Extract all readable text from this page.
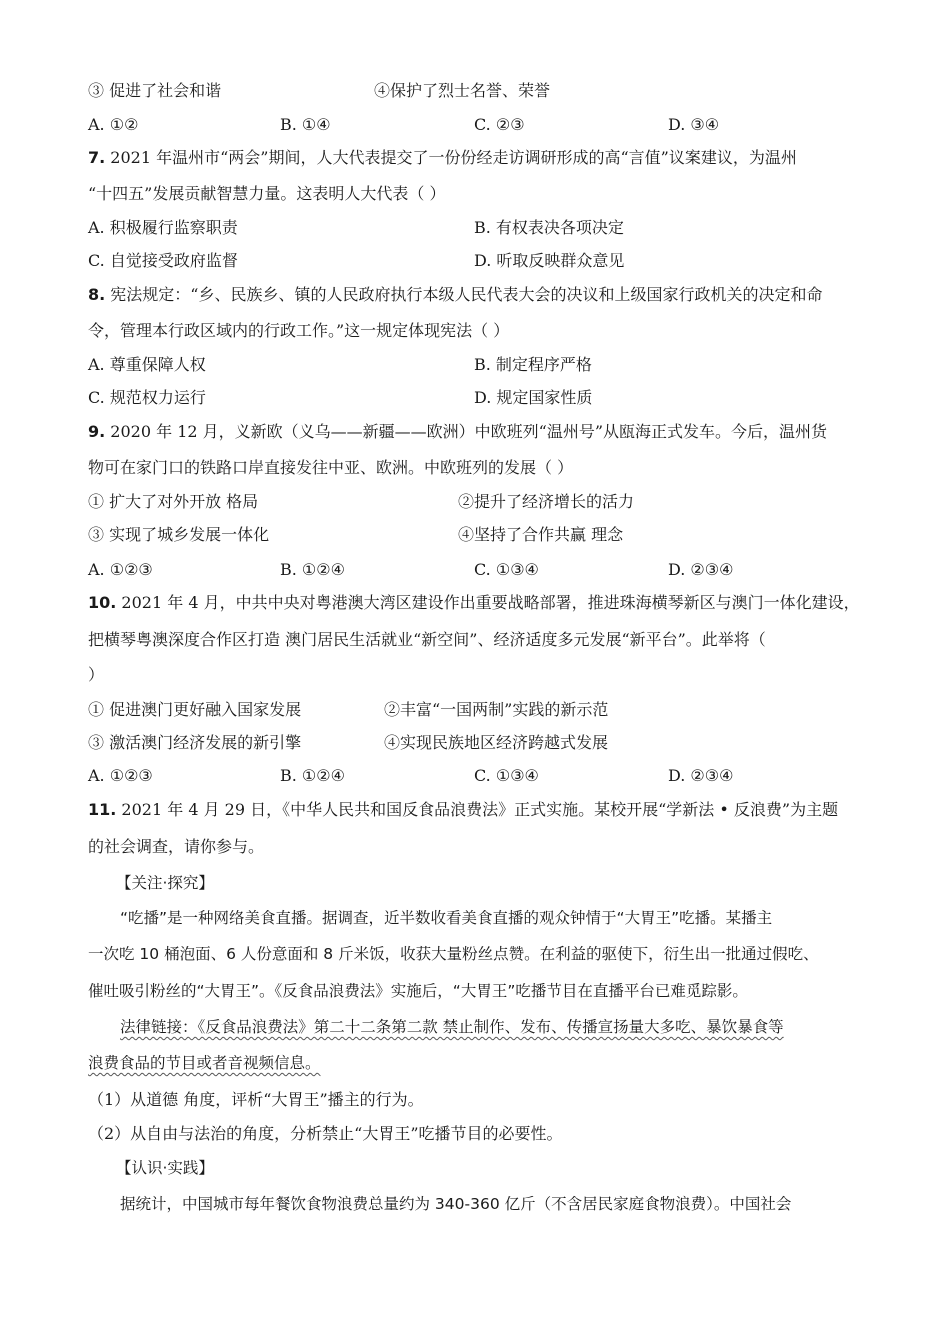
③ 促进了社会和谐	④保护了烈士名誉、荣誉
A. ①②	B. ①④	C. ②③	D. ③④
7. 2021 年温州市“两会”期间，人大代表提交了一份份经走访调研形成的高“言值”议案建议，为温州
“十四五”发展贡献智慧力量。这表明人大代表（ ）
A. 积极履行监察职责	B. 有权表决各项决定
C. 自觉接受政府监督	D. 听取反映群众意见
8. 宪法规定：“乡、民族乡、镇的人民政府执行本级人民代表大会的决议和上级国家行政机关的决定和命
令，管理本行政区域内的行政工作。”这一规定体现宪法（ ）
A. 尊重保障人权	B. 制定程序严格
C. 规范权力运行	D. 规定国家性质
9. 2020 年 12 月，义新欧（义乌——新疆——欧洲）中欧班列“温州号”从瓯海正式发车。今后，温州货
物可在家门口的铁路口岸直接发往中亚、欧洲。中欧班列的发展（ ）
① 扩大了对外开放 格局	②提升了经济增长的活力
③ 实现了城乡发展一体化	④坚持了合作共赢 理念
A. ①②③	B. ①②④	C. ①③④	D. ②③④
10. 2021 年 4 月，中共中央对粤港澳大湾区建设作出重要战略部署，推进珠海横琴新区与澳门一体化建设，
把横琴粤澳深度合作区打造 澳门居民生活就业“新空间”、经济适度多元发展“新平台”。此举将（
）
① 促进澳门更好融入国家发展	②丰富“一国两制”实践的新示范
③ 激活澳门经济发展的新引擎	④实现民族地区经济跨越式发展
A. ①②③	B. ①②④	C. ①③④	D. ②③④
11. 2021 年 4 月 29 日，《中华人民共和国反食品浪费法》正式实施。某校开展“学新法 • 反浪费”为主题
的社会调查，请你参与。
【关注·探究】
“吃播”是一种网络美食直播。据调查，近半数收看美食直播的观众钟情于“大胃王”吃播。某播主
一次吃 10 桶泡面、6 人份意面和 8 斤米饭，收获大量粉丝点赞。在利益的驱使下，衍生出一批通过假吃、
催吐吸引粉丝的“大胃王”。《反食品浪费法》实施后，“大胃王”吃播节目在直播平台已难觅踪影。
法律链接：《反食品浪费法》第二十二条第二款 禁止制作、发布、传播宣扬量大多吃、暴饮暴食等
浪费食品的节目或者音视频信息。
（1）从道德 角度，评析“大胃王”播主的行为。
（2）从自由与法治的角度，分析禁止“大胃王”吃播节目的必要性。
【认识·实践】
据统计，中国城市每年餐饮食物浪费总量约为 340-360 亿斤（不含居民家庭食物浪费）。中国社会
